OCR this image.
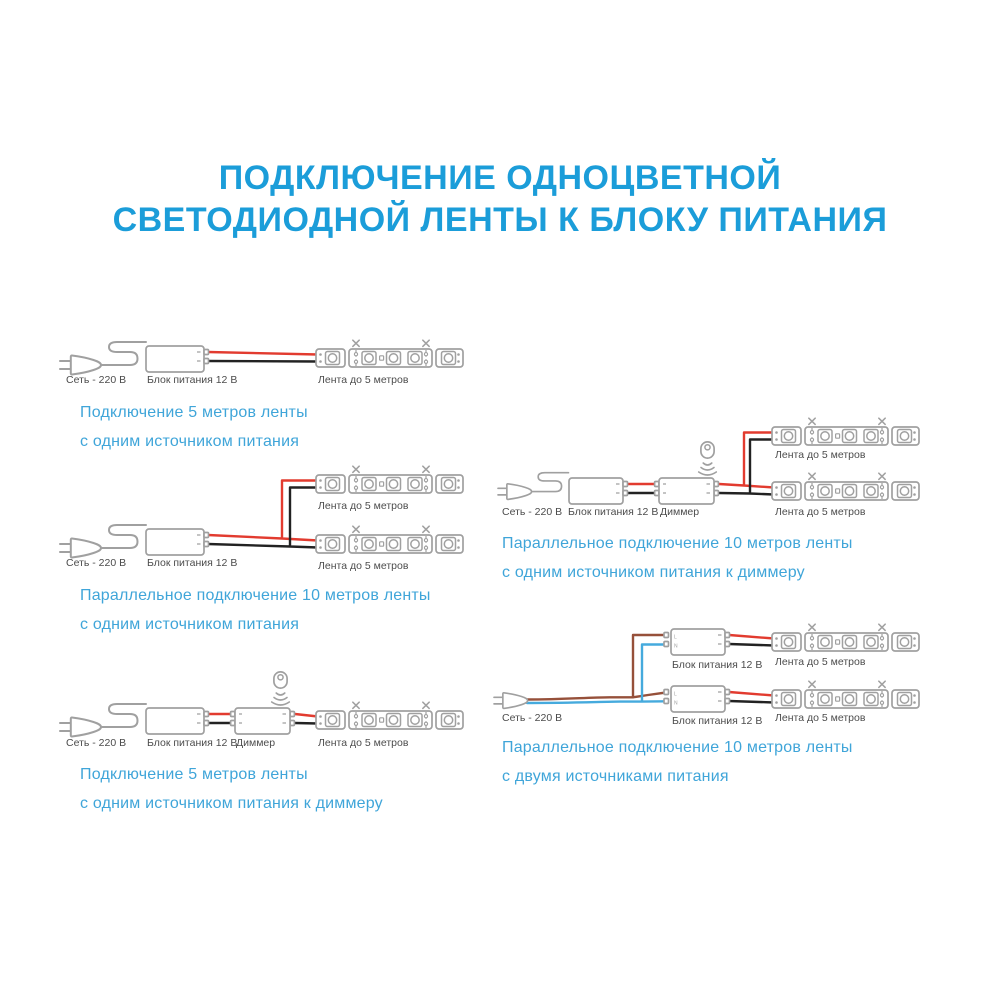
ПОДКЛЮЧЕНИЕ ОДНОЦВЕТНОЙ
СВЕТОДИОДНОЙ ЛЕНТЫ К БЛОКУ ПИТАНИЯ
L
N
L
N
Сеть - 220 В Блок питания 12 В	Лента до 5 метров
Подключение 5 метров ленты
с одним источником питания
Лента до 5 метров
Сеть - 220 В Блок питания 12 В	Лента до 5 метров
Параллельное подключение 10 метров ленты
с одним источником питания
Сеть - 220 В Блок питания 12 В
Диммер	Лента до 5 метров
Подключение 5 метров ленты
с одним источником питания к диммеру
Лента до 5 метров
Сеть - 220 В Блок питания 12 В Диммер	Лента до 5 метров
Параллельное подключение 10 метров ленты
с одним источником питания к диммеру
Блок питания 12 В Лента до 5 метров
Сеть - 220 В	Блок питания 12 В Лента до 5 метров
Параллельное подключение 10 метров ленты
с двумя источниками питания
